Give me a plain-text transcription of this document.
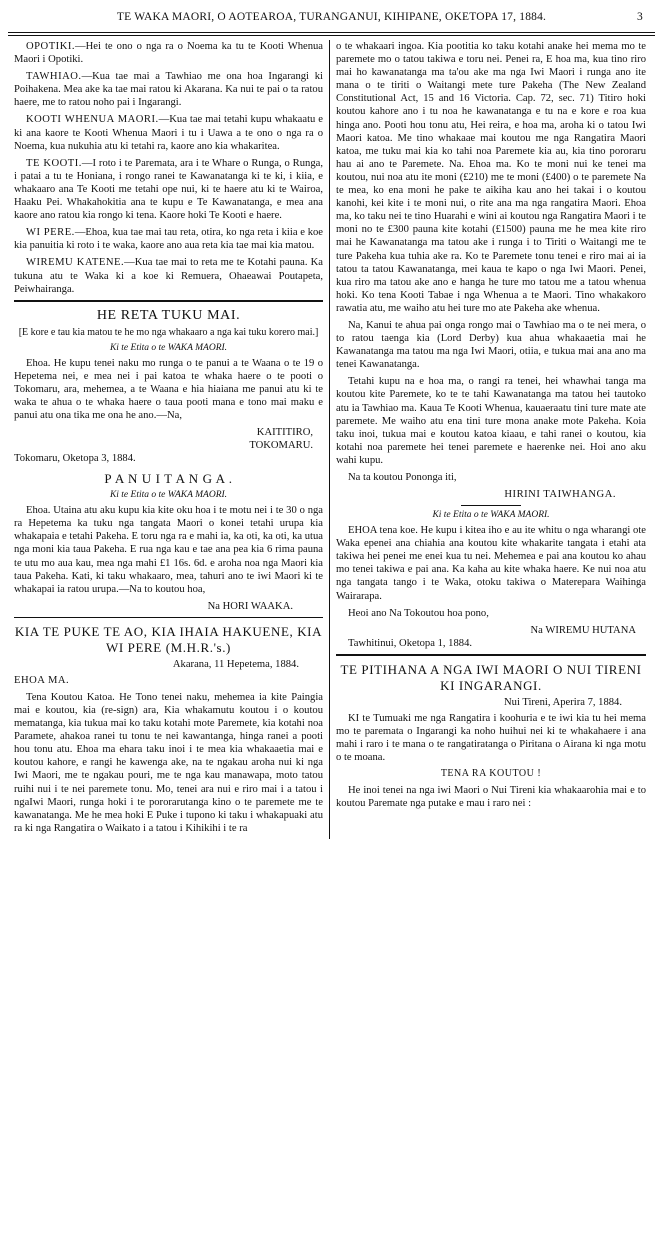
TE WAKA MAORI, O AOTEAROA, TURANGANUI, KIHIPANE, OKETOPA 17, 1884.	3

OPOTIKI.—Hei te ono o nga ra o Noema ka tu te Kooti Whenua Maori i Opotiki.

TAWHIAO.—Kua tae mai a Tawhiao me ona hoa Ingarangi ki Poihakena. Mea ake ka tae mai ratou ki Akarana. Ka nui te pai o ta ratou haere, me to ratou noho pai i Ingarangi.

KOOTI WHENUA MAORI.—Kua tae mai tetahi kupu whakaatu e ki ana kaore te Kooti Whenua Maori i tu i Uawa a te ono o nga ra o Noema, kua nukuhia atu ki tetahi ra, kaore ano kia whakaritea.

TE KOOTI.—I roto i te Paremata, ara i te Whare o Runga, o Runga, i patai a tu te Honiana, i rongo ranei te Kawanatanga ki te ki, i kiia, e whakaaro ana Te Kooti me tetahi ope nui, ki te haere atu ki te Wairoa, Haaku Pei. Whakahokitia ana te kupu e Te Kawanatanga, e mea ana kaore ano ratou kia rongo ki tena. Kaore hoki Te Kooti e haere.

WI PERE.—Ehoa, kua tae mai tau reta, otira, ko nga reta i kiia e koe kia panuitia ki roto i te waka, kaore ano aua reta kia tae mai kia matou.

WIREMU KATENE.—Kua tae mai to reta me te Kotahi pauna. Ka tukuna atu te Waka ki a koe ki Remuera, Ohaeawai Poutapeta, Peiwhairanga.

HE RETA TUKU MAI.
[E kore e tau kia matou te he mo nga whakaaro a nga kai tuku korero mai.]
Ki te Etita o te WAKA MAORI.

Ehoa. He kupu tenei naku mo runga o te panui a te Waana o te 19 o Hepetema nei, e mea nei i pai katoa te whaka haere o te pooti o Tokomaru, ara, mehemea, a te Waana e hia hiaiana me panui atu ki te waka te ahua o te whaka haere o taua pooti mana e tono mai maku e panui atu ona tika me ona he ano.—Na,

KAITITIRO,
TOKOMARU.
Tokomaru, Oketopa 3, 1884.
P A N U I T A N G A .
Ki te Etita o te WAKA MAORI.

Ehoa. Utaina atu aku kupu kia kite oku hoa i te motu nei i te 30 o nga ra Hepetema ka tuku nga tangata Maori o konei tetahi urupa kia whakapaia e tetahi Pakeha. E toru nga ra e mahi ia, ka oti, ka oti, ka utua nga moni kia taua Pakeha. E rua nga kau e tae ana pea kia 6 rima pauna te utu mo aua kau, mea nga mahi £1 16s. 6d. e aroha noa nga Maori kia taua Pakeha. Kati, ki taku whakaaro, mea, tahuri ano te iwi Maori ki te whakapai ia ratou urupa.—Na to koutou hoa,

Na HORI WAAKA.
KIA TE PUKE TE AO, KIA IHAIA HAKUENE, KIA WI PERE (M.H.R.'s.)
Akarana, 11 Hepetema, 1884.

EHOA MA.

Tena Koutou Katoa. He Tono tenei naku, mehemea ia kite Paingia mai e koutou, kia (re-sign) ara, Kia whakamutu koutou i o koutou mematanga, kia tukua mai ko taku kotahi mote Paremete, kia kotahi noa Paramete, ahakoa ranei tu tonu te nei kawantanga, hinga ranei a pooti hou tonu atu. Ehoa ma ehara taku inoi i te mea kia whakaaetia mai e koutou kahore, e rangi he kawenga ake, na te ngakau aroha nui ki nga Iwi Maori, me te ngakau pouri, me te nga kau manawapa, moto tatou ruihi nui i te nei paremete tonu. Mo, tenei ara nui e riro mai i a tatou i ngaIwi Maori, runga hoki i te pororarutanga kino o te paremete me te kawanatanga. Me he mea hoki E Puke i tupono ki taku i whakapuaki atu ra ki nga Rangatira o Waikato i a tatou i Kihikihi i te ra

o te whakaari ingoa. Kia pootitia ko taku kotahi anake hei mema mo te paremete mo o tatou takiwa e toru nei. Penei ra, E hoa ma, kua tino riro mai ho kawanatanga ma ta'ou ake ma nga Iwi Maori i runga ano ite mana o te tiriti o Waitangi mete ture Pakeha (The New Zealand Constitutional Act, 15 and 16 Victoria. Cap. 72, sec. 71) Titiro hoki koutou kahore ano i tu noa he kawanatanga e tu na e kore e roa kua hinga ano. Pooti hou tonu atu, Hei reira, e hoa ma, aroha ki o tatou Iwi Maori katoa. Me tino whakaae mai koutou me nga Rangatira Maori katoa, me tuku mai kia ko tahi noa Paremete kia au, kia tino pororaru hau ai ano te Paremete. Na. Ehoa ma. Ko te moni nui ke tenei ma koutou, nui noa atu ite moni (£210) me te moni (£400) o te paremete Na te mea, ko ena moni he pake te aikiha kau ano hei takai i o koutou kanohi, kei kite i te moni nui, o rite ana ma nga rangatira Maori. Ehoa ma, ko taku nei te tino Huarahi e wini ai koutou nga Rangatira Maori i te moni no te £300 pauna kite kotahi (£1500) pauna me he mea kite riro mai he Kawanatanga ma tatou ake i runga i to Tiriti o Waitangi me te ture Pakeha kua tuhia ake ra. Ko te Paremete tonu tenei e riro mai ai ia tatou ta tatou Kawanatanga, mei kaua te kapo o nga Iwi Maori. Penei, kua riro ma tatou ake ano e hanga he ture mo tatou me a tatou whenua hoki. Ko tena Kooti Tabae i nga Whenua a te Maori. Tino whakakoro rawatia atu, me waiho atu hei ture mo ate Pakeha ake whenua.

Na, Kanui te ahua pai onga rongo mai o Tawhiao ma o te nei mera, o to ratou taenga kia (Lord Derby) kua ahua whakaaetia mai he Kawanatanga ma tatou ma nga Iwi Maori, otiia, e tukua mai ana ano ma tenei Kawanatanga.

Tetahi kupu na e hoa ma, o rangi ra tenei, hei whawhai tanga ma koutou kite Paremete, ko te te tahi Kawanatanga ma tatou hei tautoko atu ia Tawhiao ma. Kaua Te Kooti Whenua, kauaeraatu tini ture mate ate paremete. Me waiho atu ena tini ture mona anake mote Pakeha. Koia taku inoi, tukua mai e koutou katoa kiaau, e tahi ranei o koutou, kia kotahi noa paremete hei tenei paremete e haerenke nei. Hoi ano aku wahi kupu.

Na ta koutou Pononga iti,

HIRINI TAIWHANGA.
Ki te Etita o te WAKA MAORI.

EHOA tena koe. He kupu i kitea iho e au ite whitu o nga wharangi ote Waka epenei ana chiahia ana koutou kite whakarite tangata i etahi ata takiwa hei penei me enei kua tu nei. Mehemea e pai ana koutou ko ahau mo tenei takiwa e pai ana. Ka kaha au kite whaka haere. Ke nui noa atu nga tangata tango i te Waka, otoku takiwa o Materepara Waihinga Wairarapa.

Heoi ano Na Tokoutou hoa pono,

Na WIREMU HUTANA
Tawhitinui, Oketopa 1, 1884.
TE PITIHANA A NGA IWI MAORI O NUI TIRENI KI INGARANGI.
Nui Tireni, Aperira 7, 1884.

KI te Tumuaki me nga Rangatira i koohuria e te iwi kia tu hei mema mo te paremata o Ingarangi ka noho huihui nei ki te whakahaere i ana mahi i raro i te mana o te rangatiratanga o Piritana o Airana ki nga motu o te moana.

TENA RA KOUTOU !

He inoi tenei na nga iwi Maori o Nui Tireni kia whakaarohia mai e to koutou Paremate nga putake e mau i raro nei :
